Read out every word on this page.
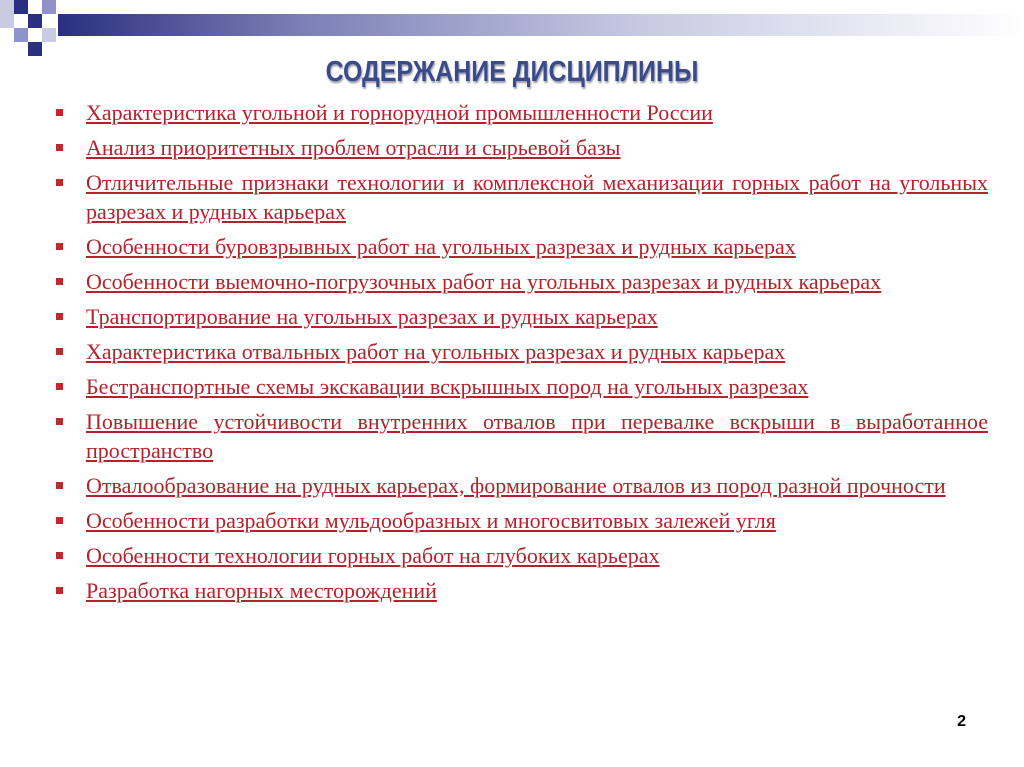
СОДЕРЖАНИЕ ДИСЦИПЛИНЫ
Характеристика угольной и горнорудной промышленности России
Анализ приоритетных проблем отрасли и сырьевой базы
Отличительные признаки технологии и комплексной механизации горных работ на угольных разрезах и рудных карьерах
Особенности буровзрывных работ на угольных разрезах и рудных карьерах
Особенности выемочно-погрузочных работ на угольных разрезах и рудных карьерах
Транспортирование на угольных разрезах и рудных карьерах
Характеристика отвальных работ на угольных разрезах и рудных карьерах
Бестранспортные схемы экскавации вскрышных пород на угольных разрезах
Повышение устойчивости внутренних отвалов при перевалке вскрыши в выработанное пространство
Отвалообразование на рудных карьерах, формирование отвалов из пород разной прочности
Особенности разработки мульдообразных и многосвитовых залежей угля
Особенности технологии горных работ на глубоких карьерах
Разработка нагорных месторождений
2
